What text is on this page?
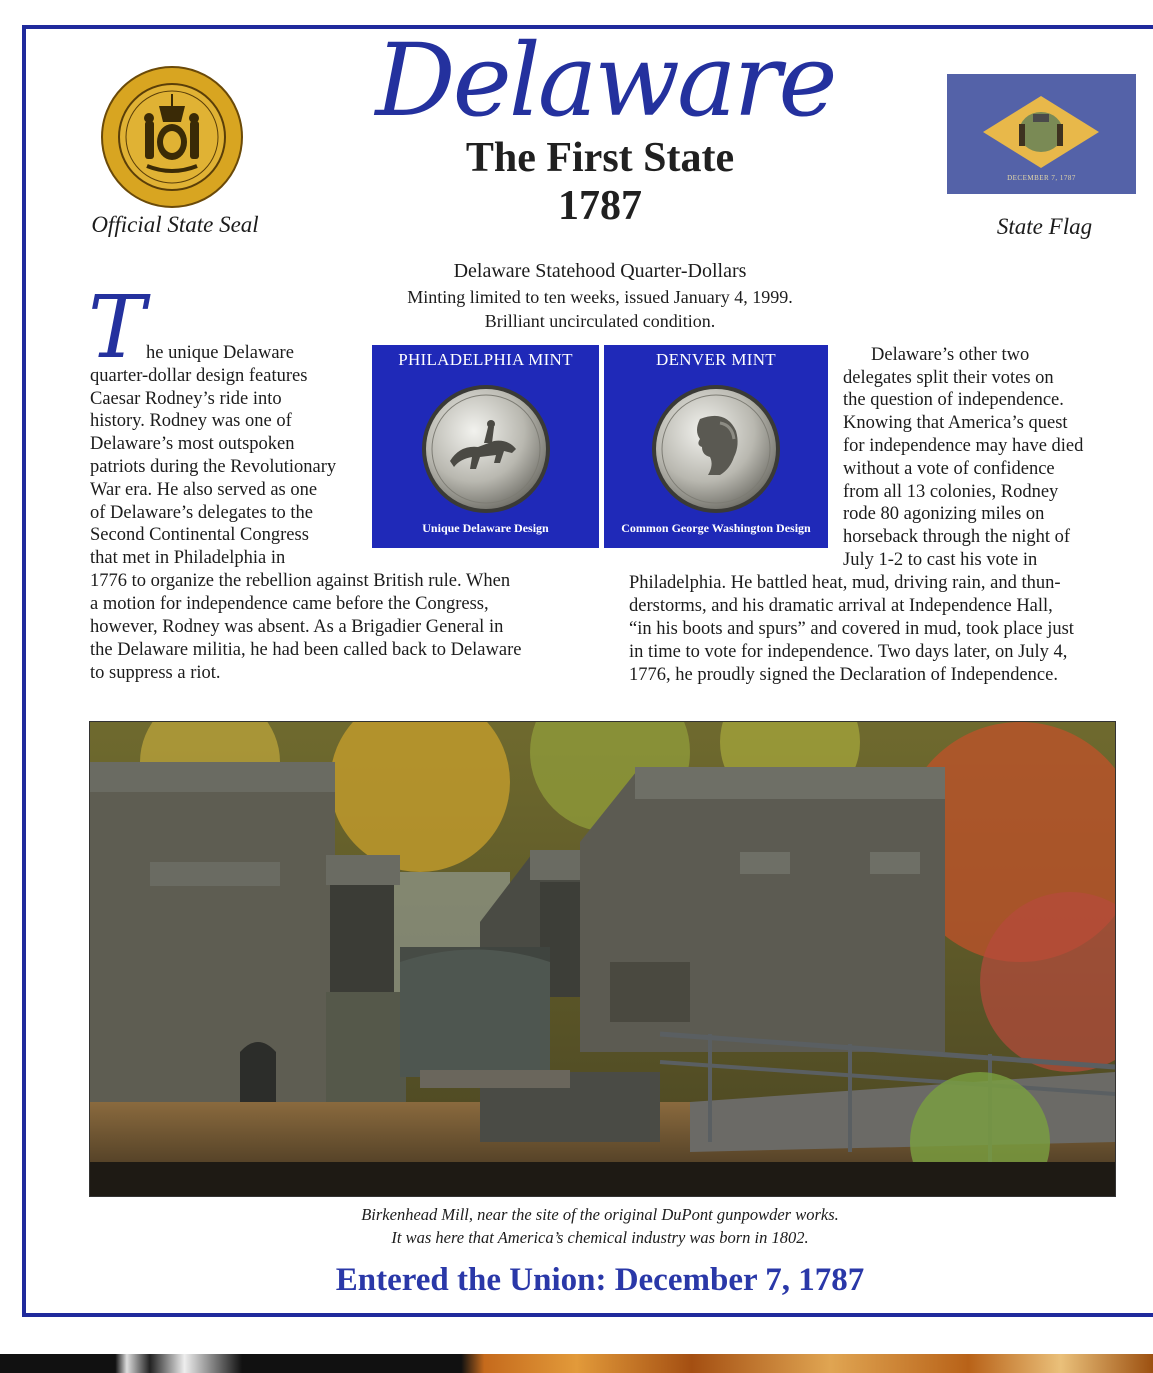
Official State Seal
Delaware
The First State
1787
DECEMBER 7, 1787
State Flag
Delaware Statehood Quarter-Dollars
Minting limited to ten weeks, issued January 4, 1999.
Brilliant uncirculated condition.
PHILADELPHIA MINT
Unique Delaware Design
DENVER MINT
Common George Washington Design
T he unique Delaware
quarter-dollar design features
Caesar Rodney’s ride into
history. Rodney was one of
Delaware’s most outspoken
patriots during the Revolutionary
War era. He also served as one
of Delaware’s delegates to the
Second Continental Congress
that met in Philadelphia in
1776 to organize the rebellion against British rule. When
a motion for independence came before the Congress,
however, Rodney was absent. As a Brigadier General in
the Delaware militia, he had been called back to Delaware
to suppress a riot.
Delaware’s other two
delegates split their votes on
the question of independence.
Knowing that America’s quest
for independence may have died
without a vote of confidence
from all 13 colonies, Rodney
rode 80 agonizing miles on
horseback through the night of
July 1-2 to cast his vote in
Philadelphia. He battled heat, mud, driving rain, and thun-
derstorms, and his dramatic arrival at Independence Hall,
“in his boots and spurs” and covered in mud, took place just
in time to vote for independence. Two days later, on July 4,
1776, he proudly signed the Declaration of Independence.
Birkenhead Mill, near the site of the original DuPont gunpowder works.
It was here that America’s chemical industry was born in 1802.
Entered the Union: December 7, 1787
